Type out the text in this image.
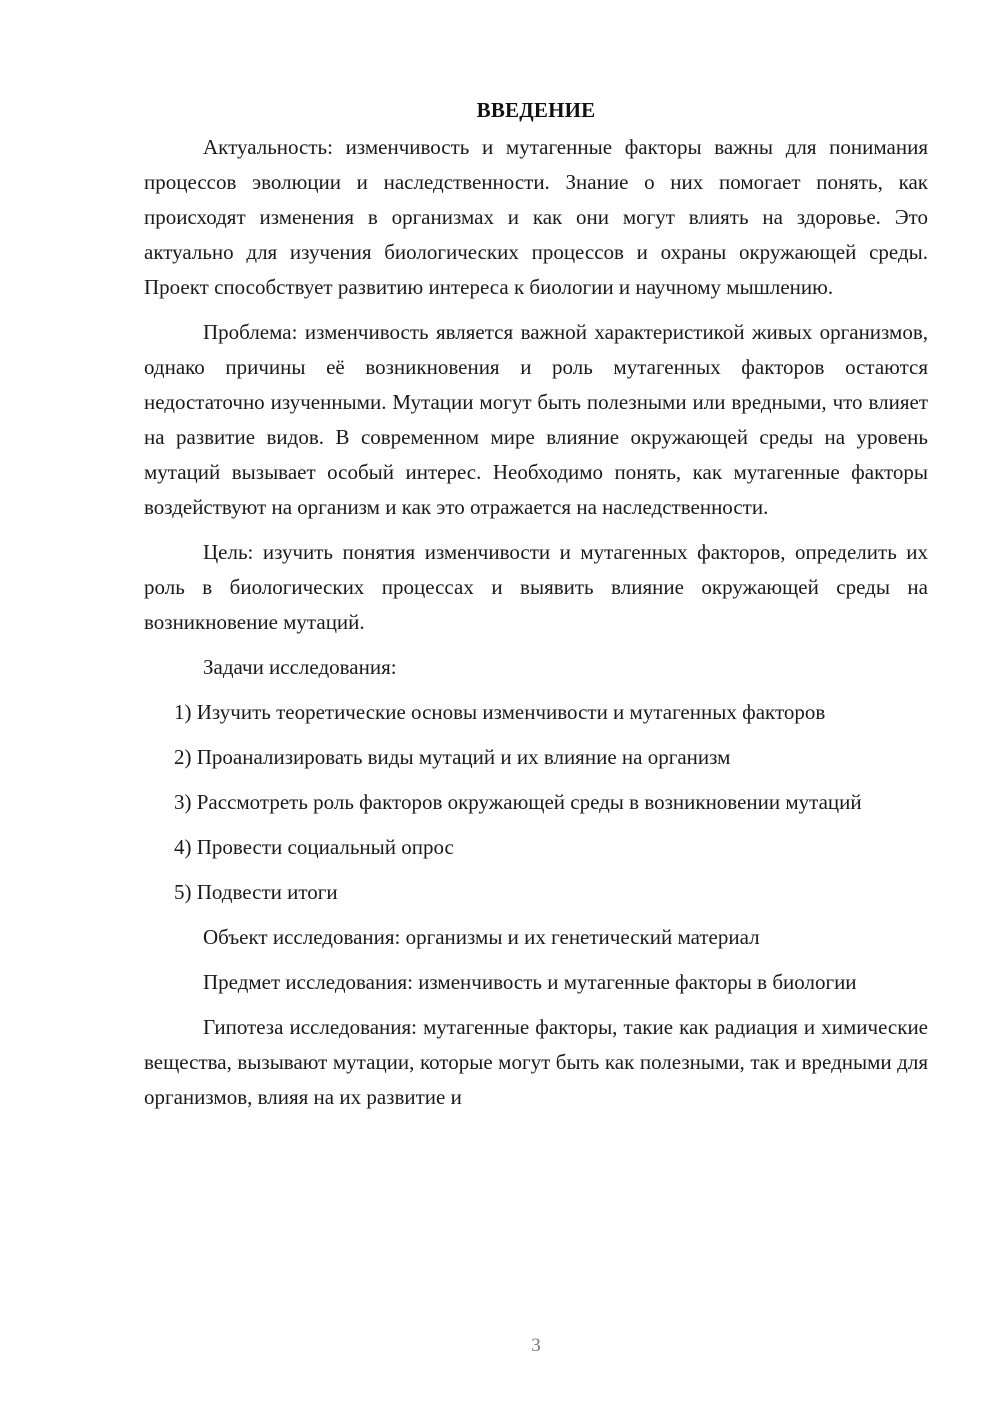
ВВЕДЕНИЕ

Актуальность: изменчивость и мутагенные факторы важны для понимания процессов эволюции и наследственности. Знание о них помогает понять, как происходят изменения в организмах и как они могут влиять на здоровье. Это актуально для изучения биологических процессов и охраны окружающей среды. Проект способствует развитию интереса к биологии и научному мышлению.

Проблема: изменчивость является важной характеристикой живых организмов, однако причины её возникновения и роль мутагенных факторов остаются недостаточно изученными. Мутации могут быть полезными или вредными, что влияет на развитие видов. В современном мире влияние окружающей среды на уровень мутаций вызывает особый интерес. Необходимо понять, как мутагенные факторы воздействуют на организм и как это отражается на наследственности.

Цель: изучить понятия изменчивости и мутагенных факторов, определить их роль в биологических процессах и выявить влияние окружающей среды на возникновение мутаций.

Задачи исследования:

1) Изучить теоретические основы изменчивости и мутагенных факторов

2) Проанализировать виды мутаций и их влияние на организм

3) Рассмотреть роль факторов окружающей среды в возникновении мутаций

4) Провести социальный опрос

5) Подвести итоги

Объект исследования: организмы и их генетический материал

Предмет исследования: изменчивость и мутагенные факторы в биологии

Гипотеза исследования: мутагенные факторы, такие как радиация и химические вещества, вызывают мутации, которые могут быть как полезными, так и вредными для организмов, влияя на их развитие и

3
